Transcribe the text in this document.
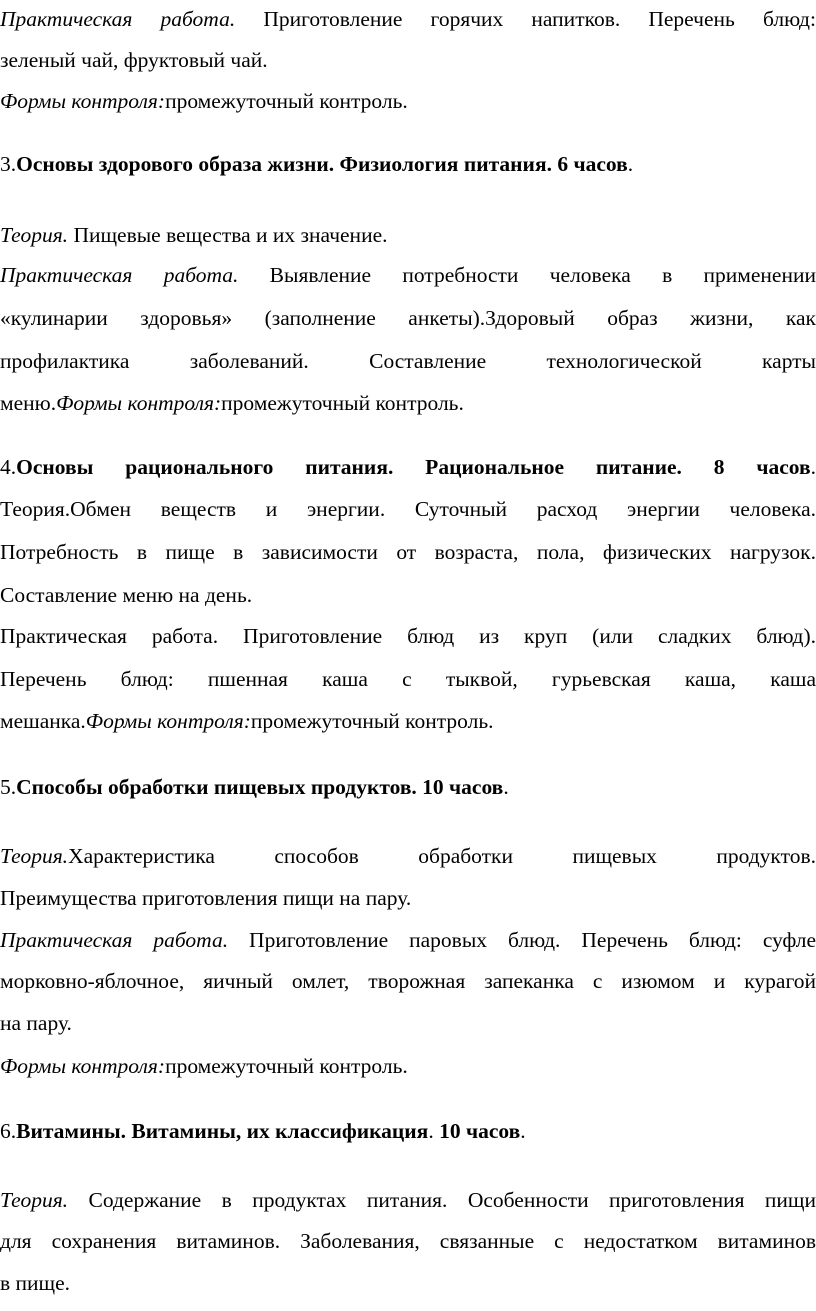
Практическая работа. Приготовление горячих напитков. Перечень блюд:

зеленый чай, фруктовый чай.

Формы контроля:промежуточный контроль.

3.Основы здорового образа жизни. Физиология питания. 6 часов.

Теория. Пищевые вещества и их значение.

Практическая работа. Выявление потребности человека в применении

«кулинарии здоровья» (заполнение анкеты).Здоровый образ жизни, как

профилактика заболеваний. Составление технологической карты

меню.Формы контроля:промежуточный контроль.

4.Основы рационального питания. Рациональное питание. 8 часов.

Теория.Обмен веществ и энергии. Суточный расход энергии человека.

Потребность в пище в зависимости от возраста, пола, физических нагрузок.

Составление меню на день.

Практическая работа. Приготовление блюд из круп (или сладких блюд).

Перечень блюд: пшенная каша с тыквой, гурьевская каша, каша

мешанка.Формы контроля:промежуточный контроль.

5.Способы обработки пищевых продуктов. 10 часов.

Теория.Характеристика способов обработки пищевых продуктов.

Преимущества приготовления пищи на пару.

Практическая работа. Приготовление паровых блюд. Перечень блюд: суфле

морковно-яблочное, яичный омлет, творожная запеканка с изюмом и курагой

на пару.

Формы контроля:промежуточный контроль.

6.Витамины. Витамины, их классификация. 10 часов.

Теория. Содержание в продуктах питания. Особенности приготовления пищи

для сохранения витаминов. Заболевания, связанные с недостатком витаминов

в пище.
